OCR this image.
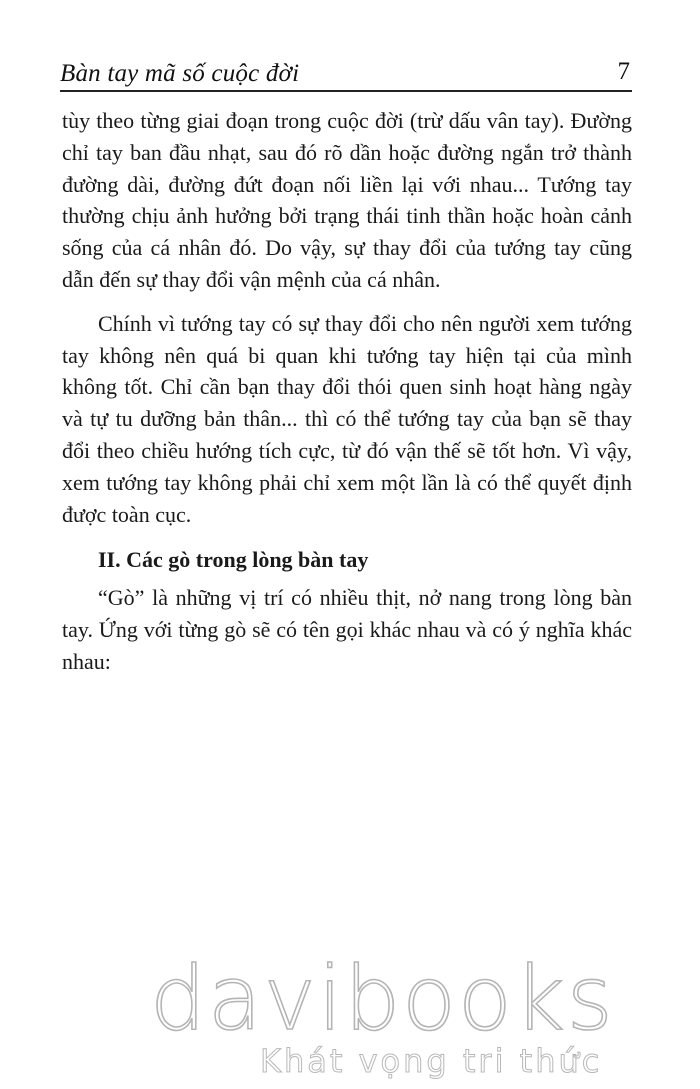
Bàn tay mã số cuộc đời	7

tùy theo từng giai đoạn trong cuộc đời (trừ dấu vân tay). Đường chỉ tay ban đầu nhạt, sau đó rõ dần hoặc đường ngắn trở thành đường dài, đường đứt đoạn nối liền lại với nhau... Tướng tay thường chịu ảnh hưởng bởi trạng thái tinh thần hoặc hoàn cảnh sống của cá nhân đó. Do vậy, sự thay đổi của tướng tay cũng dẫn đến sự thay đổi vận mệnh của cá nhân.

Chính vì tướng tay có sự thay đổi cho nên người xem tướng tay không nên quá bi quan khi tướng tay hiện tại của mình không tốt. Chỉ cần bạn thay đổi thói quen sinh hoạt hàng ngày và tự tu dưỡng bản thân... thì có thể tướng tay của bạn sẽ thay đổi theo chiều hướng tích cực, từ đó vận thế sẽ tốt hơn. Vì vậy, xem tướng tay không phải chỉ xem một lần là có thể quyết định được toàn cục.

II. Các gò trong lòng bàn tay

“Gò” là những vị trí có nhiều thịt, nở nang trong lòng bàn tay. Ứng với từng gò sẽ có tên gọi khác nhau và có ý nghĩa khác nhau:

davibooks
Khát vọng tri thức
